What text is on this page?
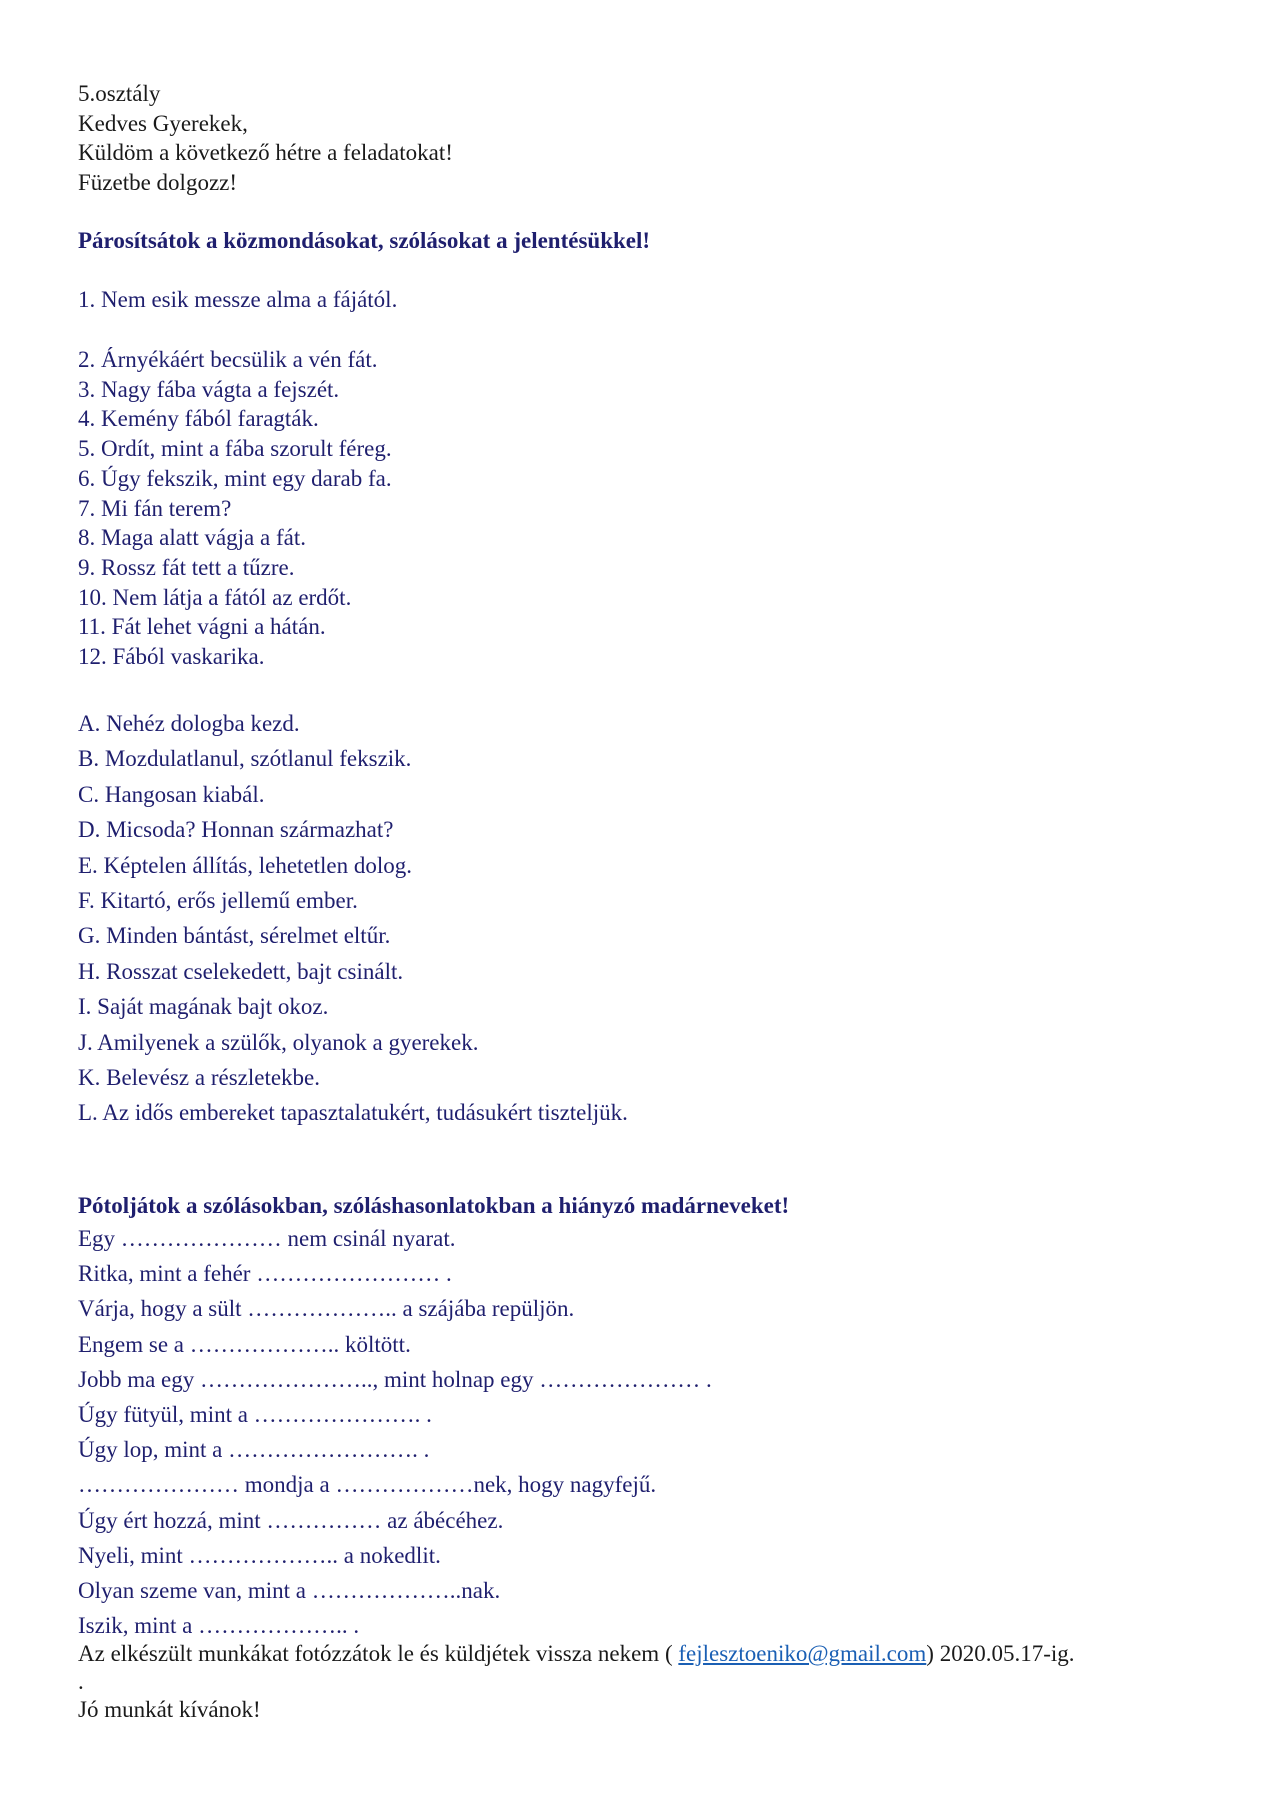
5.osztály
Kedves Gyerekek,
Küldöm a következő hétre a feladatokat!
Füzetbe dolgozz!
Párosítsátok a közmondásokat, szólásokat a jelentésükkel!
1. Nem esik messze alma a fájától.
2. Árnyékáért becsülik a vén fát.
3. Nagy fába vágta a fejszét.
4. Kemény fából faragták.
5. Ordít, mint a fába szorult féreg.
6. Úgy fekszik, mint egy darab fa.
7. Mi fán terem?
8. Maga alatt vágja a fát.
9. Rossz fát tett a tűzre.
10. Nem látja a fától az erdőt.
11. Fát lehet vágni a hátán.
12. Fából vaskarika.
A. Nehéz dologba kezd.
B. Mozdulatlanul, szótlanul fekszik.
C. Hangosan kiabál.
D. Micsoda? Honnan származhat?
E. Képtelen állítás, lehetetlen dolog.
F. Kitartó, erős jellemű ember.
G. Minden bántást, sérelmet eltűr.
H. Rosszat cselekedett, bajt csinált.
I. Saját magának bajt okoz.
J. Amilyenek a szülők, olyanok a gyerekek.
K. Belevész a részletekbe.
L. Az idős embereket tapasztalatukért, tudásukért tiszteljük.
Pótoljátok a szólásokban, szóláshasonlatokban a hiányzó madárneveket!
Egy ………………… nem csinál nyarat.
Ritka, mint a fehér …………………… .
Várja, hogy a sült ……………….. a szájába repüljön.
Engem se a ……………….. költött.
Jobb ma egy ………………….., mint holnap egy ………………… .
Úgy fütyül, mint a …………………. .
Úgy lop, mint a ……………………. .
………………… mondja a ………………nek, hogy nagyfejű.
Úgy ért hozzá, mint …………… az ábécéhez.
Nyeli, mint ……………….. a nokedlit.
Olyan szeme van, mint a ………………..nak.
Iszik, mint a ……………….. .
Az elkészült munkákat fotózzátok le és küldjétek vissza nekem ( fejlesztoeniko@gmail.com) 2020.05.17-ig.
.
Jó munkát kívánok!
